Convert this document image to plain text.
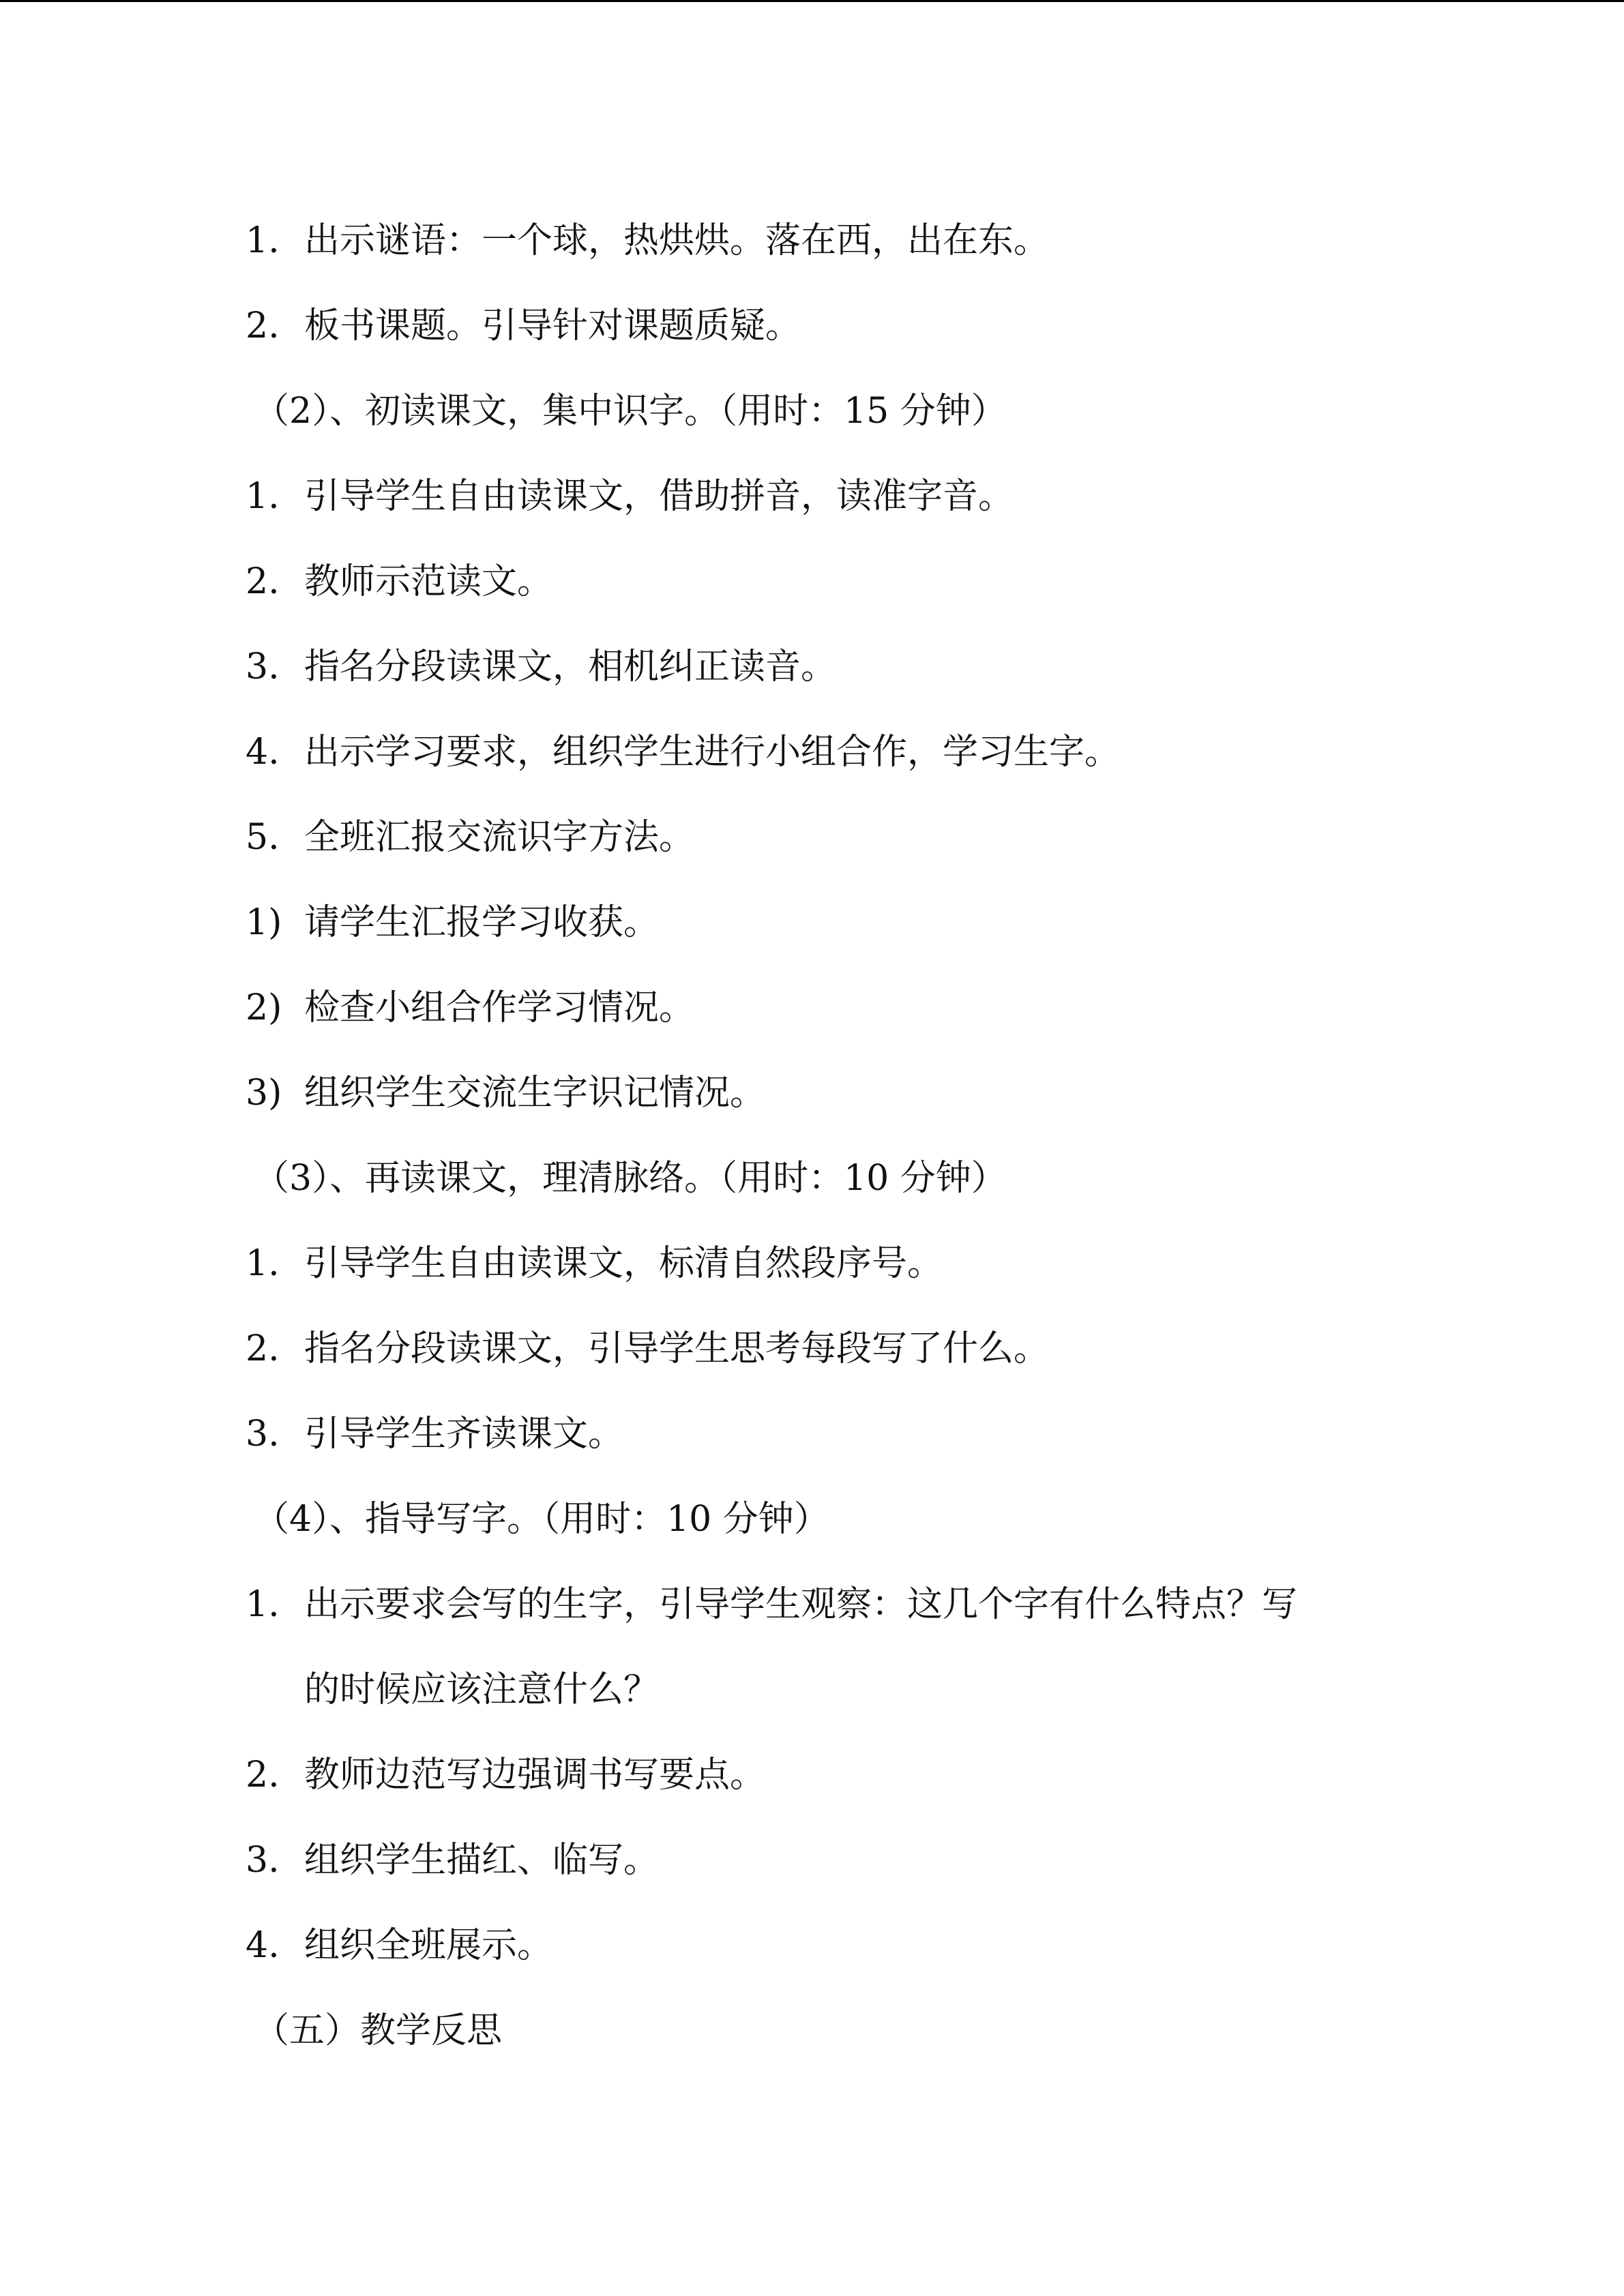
1. 出示谜语：一个球，热烘烘。落在西，出在东。
2. 板书课题。引导针对课题质疑。
（2）、初读课文，集中识字。（用时：15 分钟）
1. 引导学生自由读课文，借助拼音，读准字音。
2. 教师示范读文。
3. 指名分段读课文，相机纠正读音。
4. 出示学习要求，组织学生进行小组合作，学习生字。
5. 全班汇报交流识字方法。
1) 请学生汇报学习收获。
2) 检查小组合作学习情况。
3) 组织学生交流生字识记情况。
（3）、再读课文，理清脉络。（用时：10 分钟）
1. 引导学生自由读课文，标清自然段序号。
2. 指名分段读课文，引导学生思考每段写了什么。
3. 引导学生齐读课文。
（4）、指导写字。（用时：10 分钟）
1. 出示要求会写的生字，引导学生观察：这几个字有什么特点？写
的时候应该注意什么？
2. 教师边范写边强调书写要点。
3. 组织学生描红、临写。
4. 组织全班展示。
（五）教学反思
